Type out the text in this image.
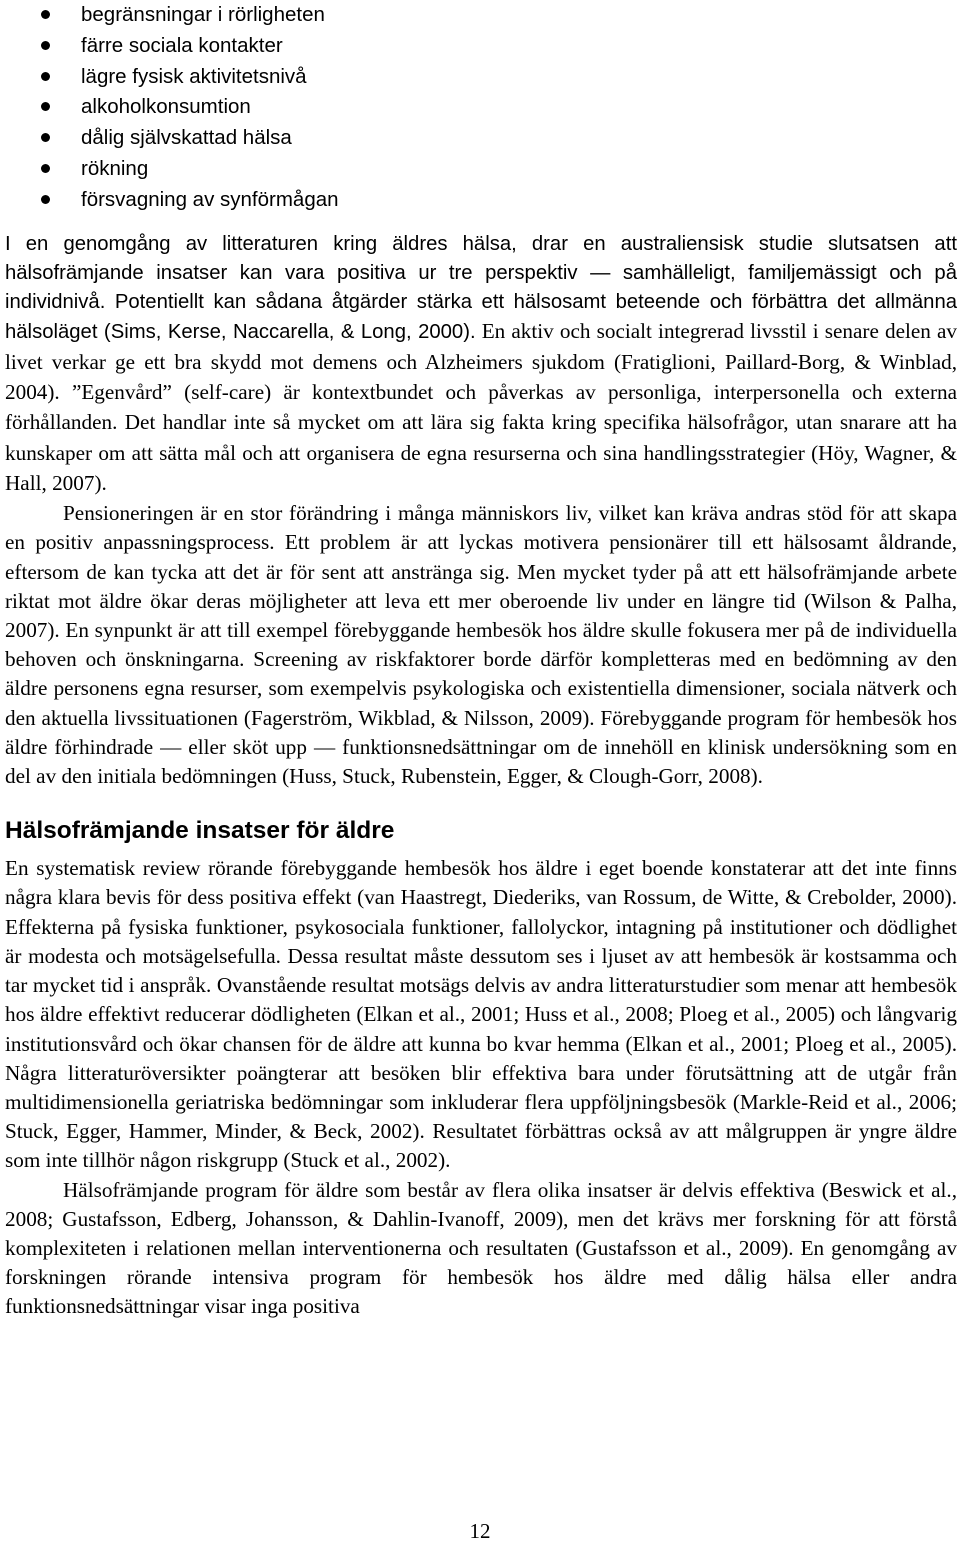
begränsningar i rörligheten
färre sociala kontakter
lägre fysisk aktivitetsnivå
alkoholkonsumtion
dålig självskattad hälsa
rökning
försvagning av synförmågan

I en genomgång av litteraturen kring äldres hälsa, drar en australiensisk studie slutsatsen att hälsofrämjande insatser kan vara positiva ur tre perspektiv — samhälleligt, familjemässigt och på individnivå. Potentiellt kan sådana åtgärder stärka ett hälsosamt beteende och förbättra det allmänna hälsoläget (Sims, Kerse, Naccarella, & Long, 2000). En aktiv och socialt integrerad livsstil i senare delen av livet verkar ge ett bra skydd mot demens och Alzheimers sjukdom (Fratiglioni, Paillard-Borg, & Winblad, 2004). ”Egenvård” (self-care) är kontextbundet och påverkas av personliga, interpersonella och externa förhållanden. Det handlar inte så mycket om att lära sig fakta kring specifika hälsofrågor, utan snarare att ha kunskaper om att sätta mål och att organisera de egna resurserna och sina handlingsstrategier (Höy, Wagner, & Hall, 2007).

Pensioneringen är en stor förändring i många människors liv, vilket kan kräva andras stöd för att skapa en positiv anpassningsprocess. Ett problem är att lyckas motivera pensionärer till ett hälsosamt åldrande, eftersom de kan tycka att det är för sent att anstränga sig. Men mycket tyder på att ett hälsofrämjande arbete riktat mot äldre ökar deras möjligheter att leva ett mer oberoende liv under en längre tid (Wilson & Palha, 2007). En synpunkt är att till exempel förebyggande hembesök hos äldre skulle fokusera mer på de individuella behoven och önskningarna. Screening av riskfaktorer borde därför kompletteras med en bedömning av den äldre personens egna resurser, som exempelvis psykologiska och existentiella dimensioner, sociala nätverk och den aktuella livssituationen (Fagerström, Wikblad, & Nilsson, 2009). Förebyggande program för hembesök hos äldre förhindrade — eller sköt upp — funktionsnedsättningar om de innehöll en klinisk undersökning som en del av den initiala bedömningen (Huss, Stuck, Rubenstein, Egger, & Clough-Gorr, 2008).

Hälsofrämjande insatser för äldre

En systematisk review rörande förebyggande hembesök hos äldre i eget boende konstaterar att det inte finns några klara bevis för dess positiva effekt (van Haastregt, Diederiks, van Rossum, de Witte, & Crebolder, 2000). Effekterna på fysiska funktioner, psykosociala funktioner, fallolyckor, intagning på institutioner och dödlighet är modesta och motsägelsefulla. Dessa resultat måste dessutom ses i ljuset av att hembesök är kostsamma och tar mycket tid i anspråk. Ovanstående resultat motsägs delvis av andra litteraturstudier som menar att hembesök hos äldre effektivt reducerar dödligheten (Elkan et al., 2001; Huss et al., 2008; Ploeg et al., 2005) och långvarig institutionsvård och ökar chansen för de äldre att kunna bo kvar hemma (Elkan et al., 2001; Ploeg et al., 2005). Några litteraturöversikter poängterar att besöken blir effektiva bara under förutsättning att de utgår från multidimensionella geriatriska bedömningar som inkluderar flera uppföljningsbesök (Markle-Reid et al., 2006; Stuck, Egger, Hammer, Minder, & Beck, 2002). Resultatet förbättras också av att målgruppen är yngre äldre som inte tillhör någon riskgrupp (Stuck et al., 2002).

Hälsofrämjande program för äldre som består av flera olika insatser är delvis effektiva (Beswick et al., 2008; Gustafsson, Edberg, Johansson, & Dahlin-Ivanoff, 2009), men det krävs mer forskning för att förstå komplexiteten i relationen mellan interventionerna och resultaten (Gustafsson et al., 2009). En genomgång av forskningen rörande intensiva program för hembesök hos äldre med dålig hälsa eller andra funktionsnedsättningar visar inga positiva

12
